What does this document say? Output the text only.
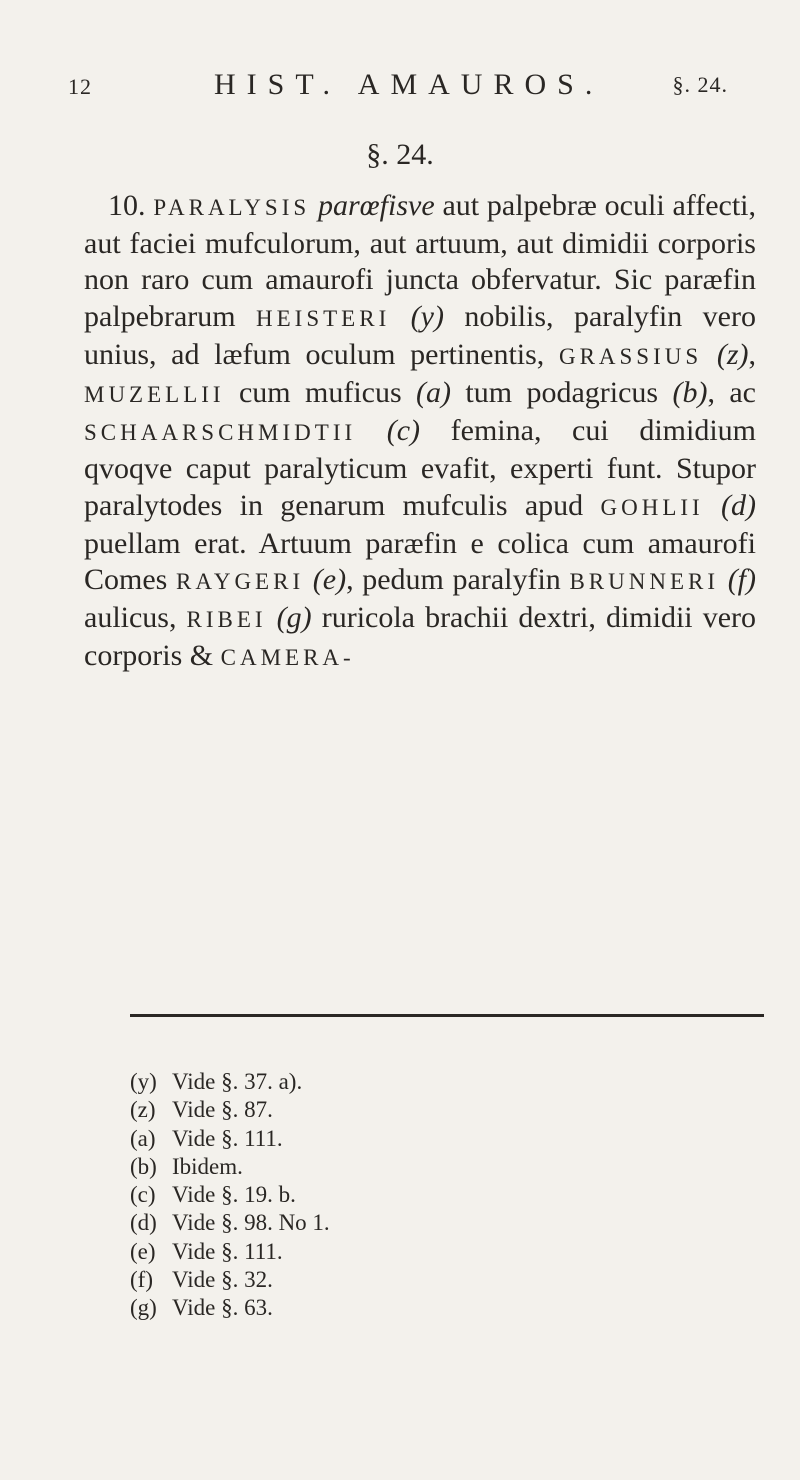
12	HIST. AMAUROS.	§. 24.
§. 24.

10. PARALYSIS parœfisve aut palpebræ oculi affecti, aut faciei mufculorum, aut artuum, aut dimidii corporis non raro cum amaurofi juncta obfervatur. Sic paræfin palpebrarum HEISTERI (y) nobilis, paralyfin vero unius, ad læfum oculum pertinentis, GRASSIUS (z), MUZELLII cum muficus (a) tum podagricus (b), ac SCHAARSCHMIDTII (c) femina, cui dimidium qvoqve caput paralyticum evafit, experti funt. Stupor paralytodes in genarum mufculis apud GOHLII (d) puellam erat. Artuum paræfin e colica cum amaurofi Comes RAYGERI (e), pedum paralyfin BRUNNERI (f) aulicus, RIBEI (g) ruricola brachii dextri, dimidii vero corporis & CAMERA-

(y) Vide §. 37. a).
(z) Vide §. 87.
(a) Vide §. 111.
(b) Ibidem.
(c) Vide §. 19. b.
(d) Vide §. 98. No 1.
(e) Vide §. 111.
(f) Vide §. 32.
(g) Vide §. 63.
